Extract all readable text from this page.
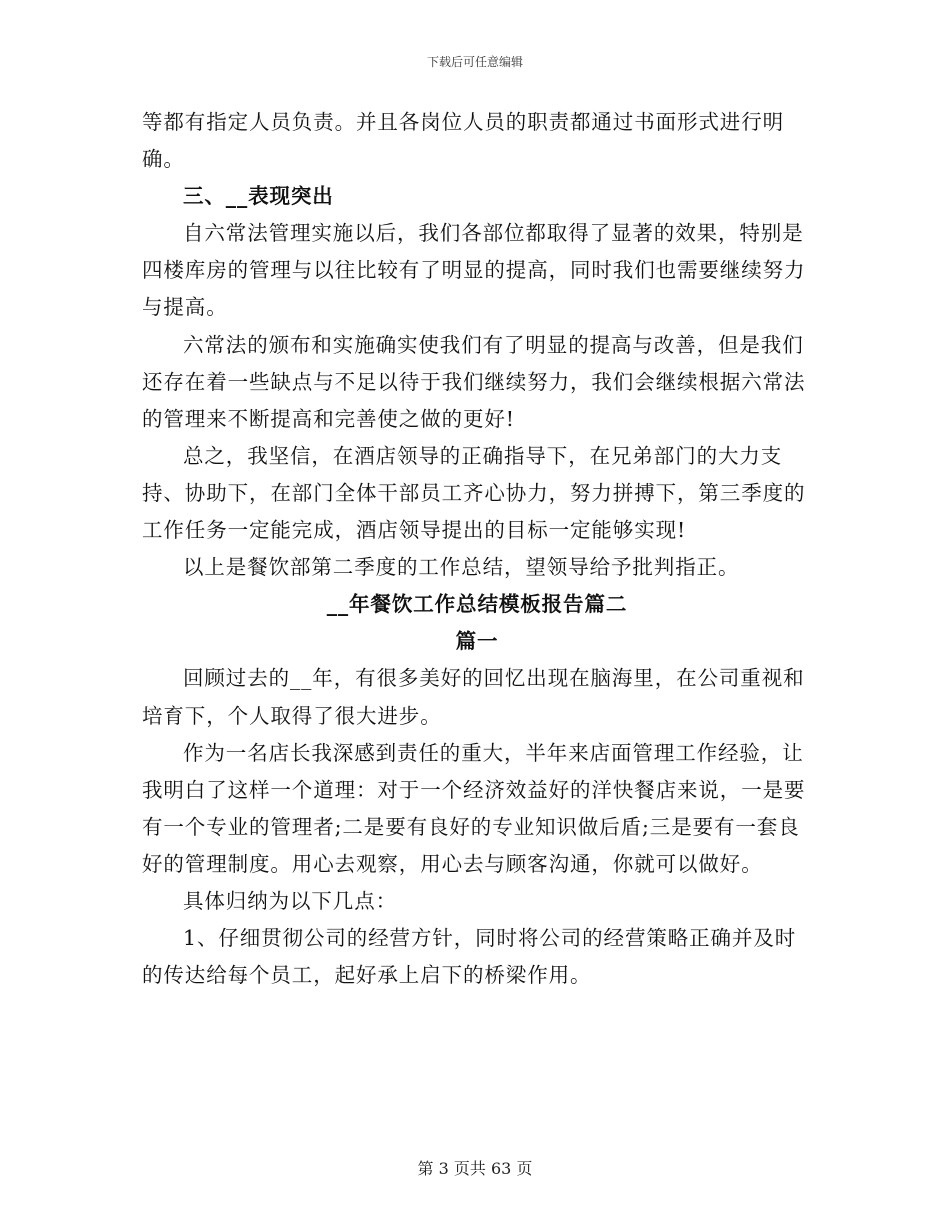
下载后可任意编辑

等都有指定人员负责。并且各岗位人员的职责都通过书面形式进行明确。

三、__表现突出

自六常法管理实施以后，我们各部位都取得了显著的效果，特别是四楼库房的管理与以往比较有了明显的提高，同时我们也需要继续努力与提高。

六常法的颁布和实施确实使我们有了明显的提高与改善，但是我们还存在着一些缺点与不足以待于我们继续努力，我们会继续根据六常法的管理来不断提高和完善使之做的更好!

总之，我坚信，在酒店领导的正确指导下，在兄弟部门的大力支持、协助下，在部门全体干部员工齐心协力，努力拼搏下，第三季度的工作任务一定能完成，酒店领导提出的目标一定能够实现!

以上是餐饮部第二季度的工作总结，望领导给予批判指正。

__年餐饮工作总结模板报告篇二

篇一

回顾过去的__年，有很多美好的回忆出现在脑海里，在公司重视和培育下，个人取得了很大进步。

作为一名店长我深感到责任的重大，半年来店面管理工作经验，让我明白了这样一个道理：对于一个经济效益好的洋快餐店来说，一是要有一个专业的管理者;二是要有良好的专业知识做后盾;三是要有一套良好的管理制度。用心去观察，用心去与顾客沟通，你就可以做好。

具体归纳为以下几点：

1、仔细贯彻公司的经营方针，同时将公司的经营策略正确并及时的传达给每个员工，起好承上启下的桥梁作用。

第 3 页共 63 页
